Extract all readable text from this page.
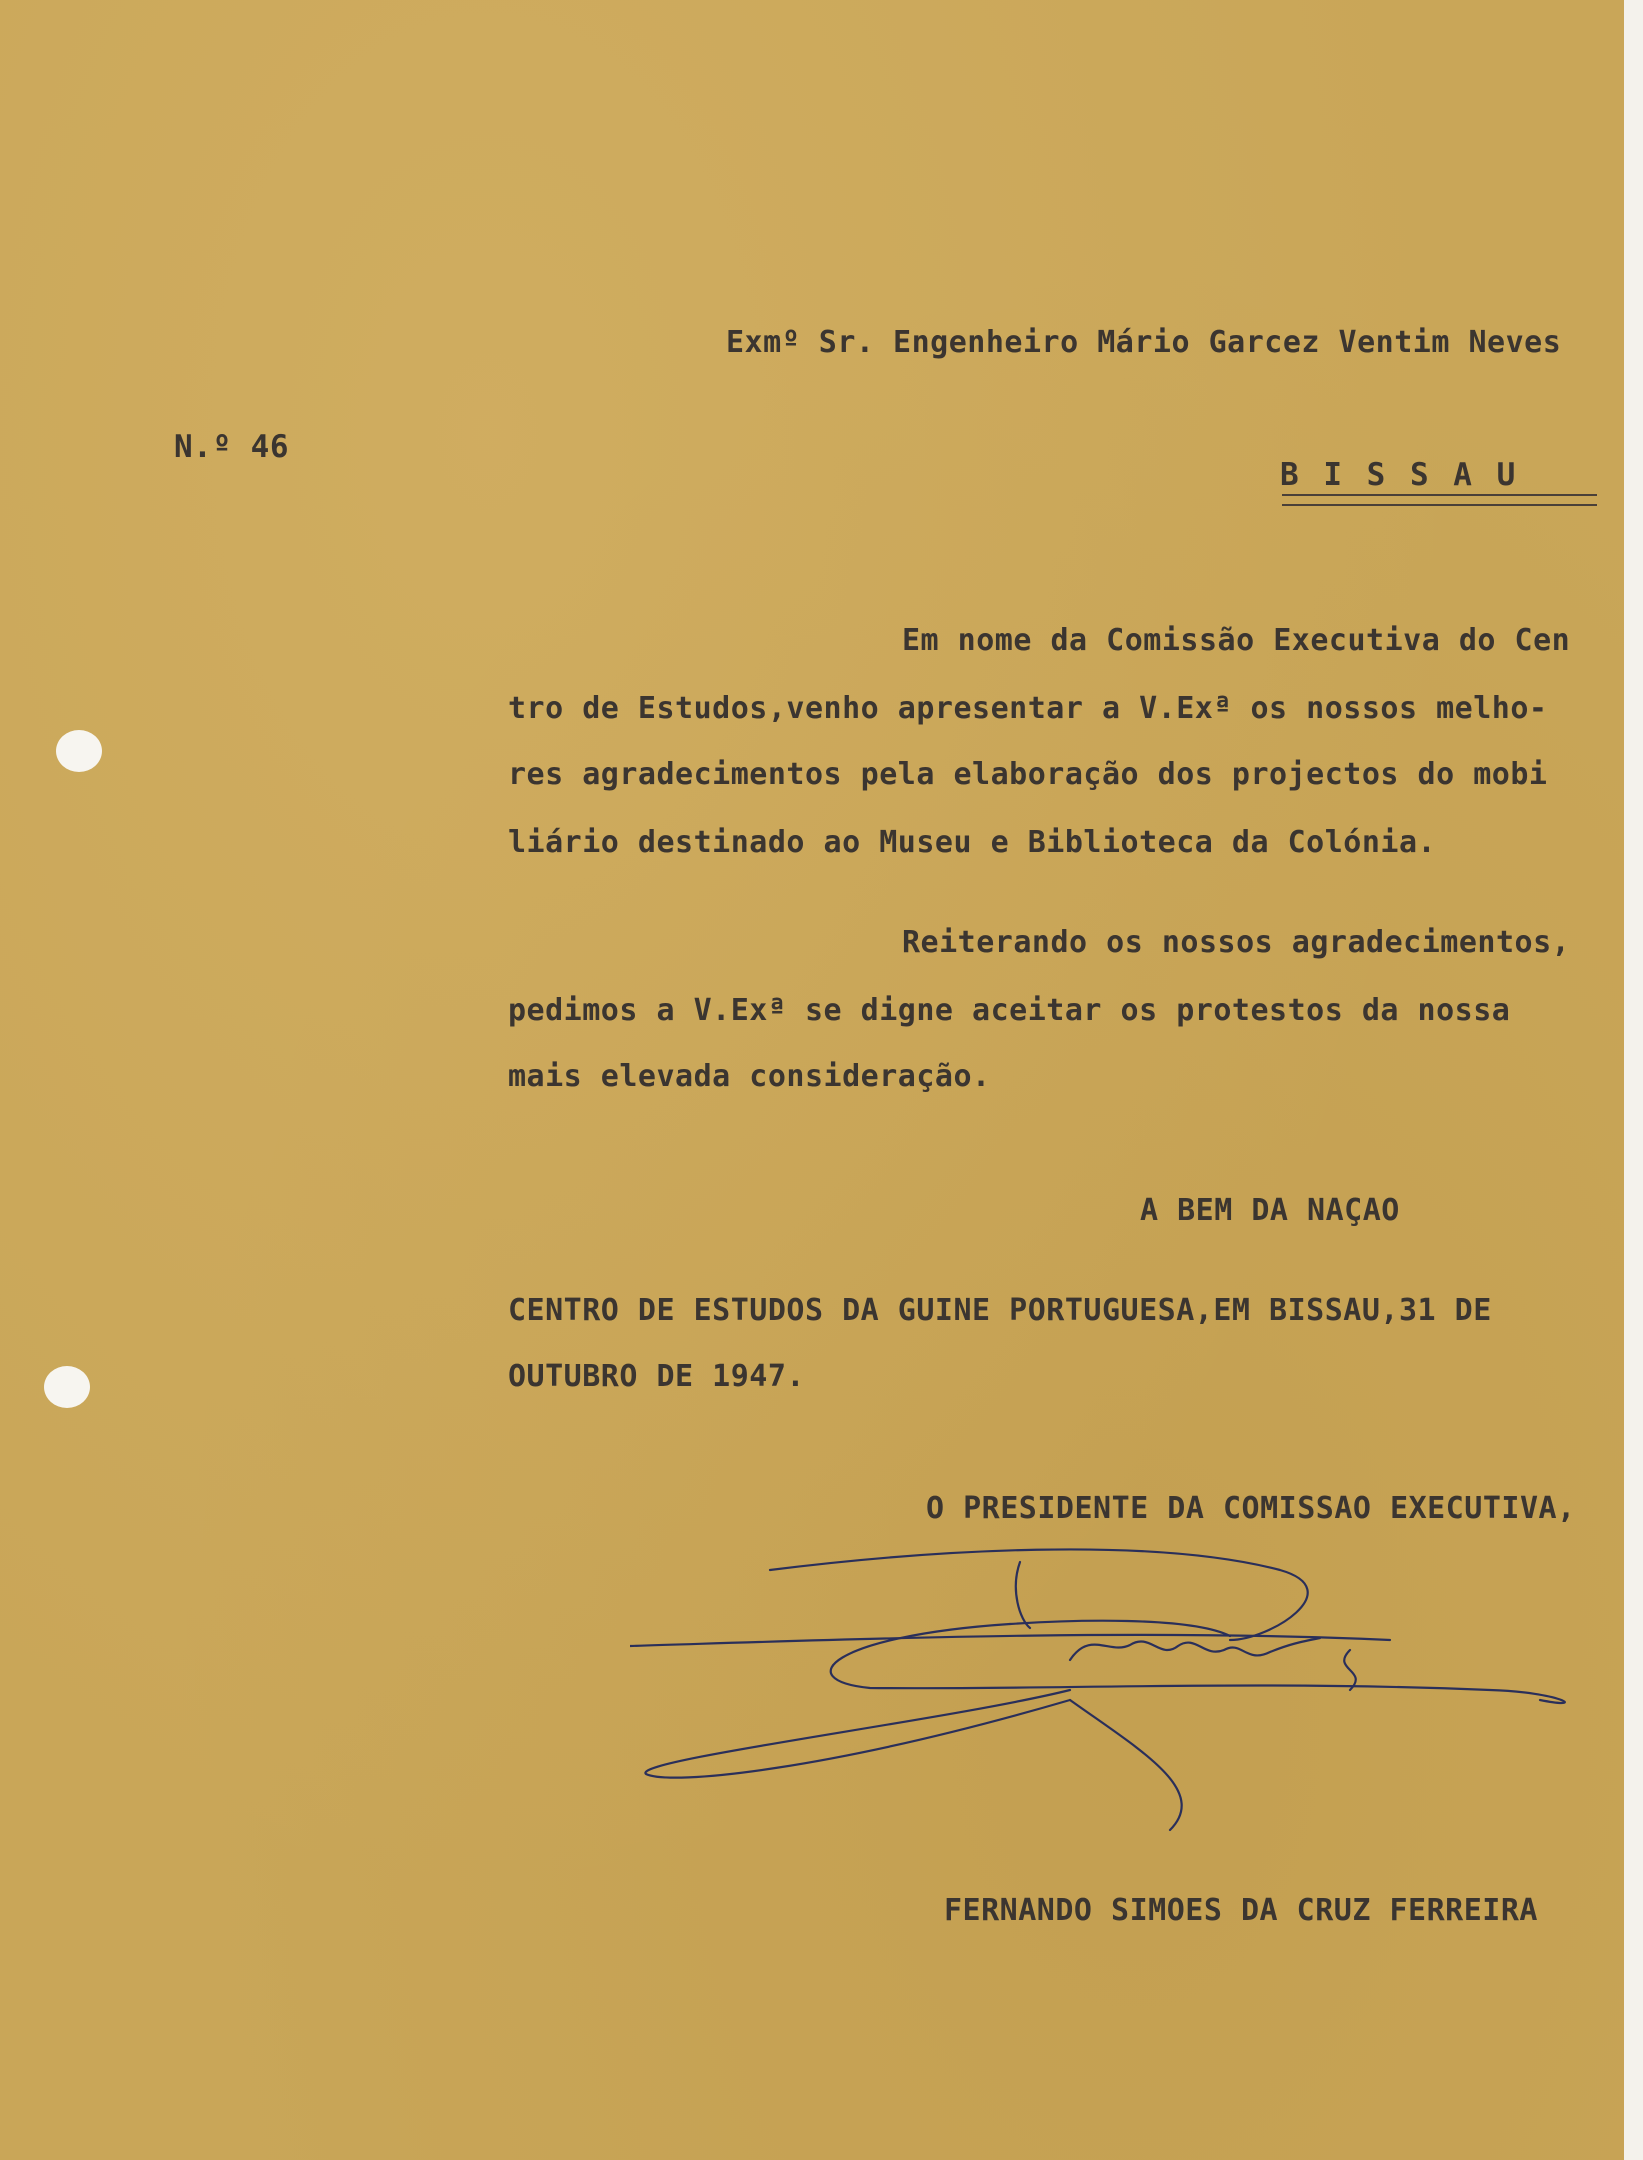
Exmº Sr. Engenheiro Mário Garcez Ventim Neves
N.º 46
B I S S A U
Em nome da Comissão Executiva do Cen
tro de Estudos,venho apresentar a V.Exª os nossos melho-
res agradecimentos pela elaboração dos projectos do mobi
liário destinado ao Museu e Biblioteca da Colónia.
Reiterando os nossos agradecimentos,
pedimos a V.Exª se digne aceitar os protestos da nossa
mais elevada consideração.
A BEM DA NAÇAO
CENTRO DE ESTUDOS DA GUINE PORTUGUESA,EM BISSAU,31 DE
OUTUBRO DE 1947.
O PRESIDENTE DA COMISSAO EXECUTIVA,
FERNANDO SIMOES DA CRUZ FERREIRA
